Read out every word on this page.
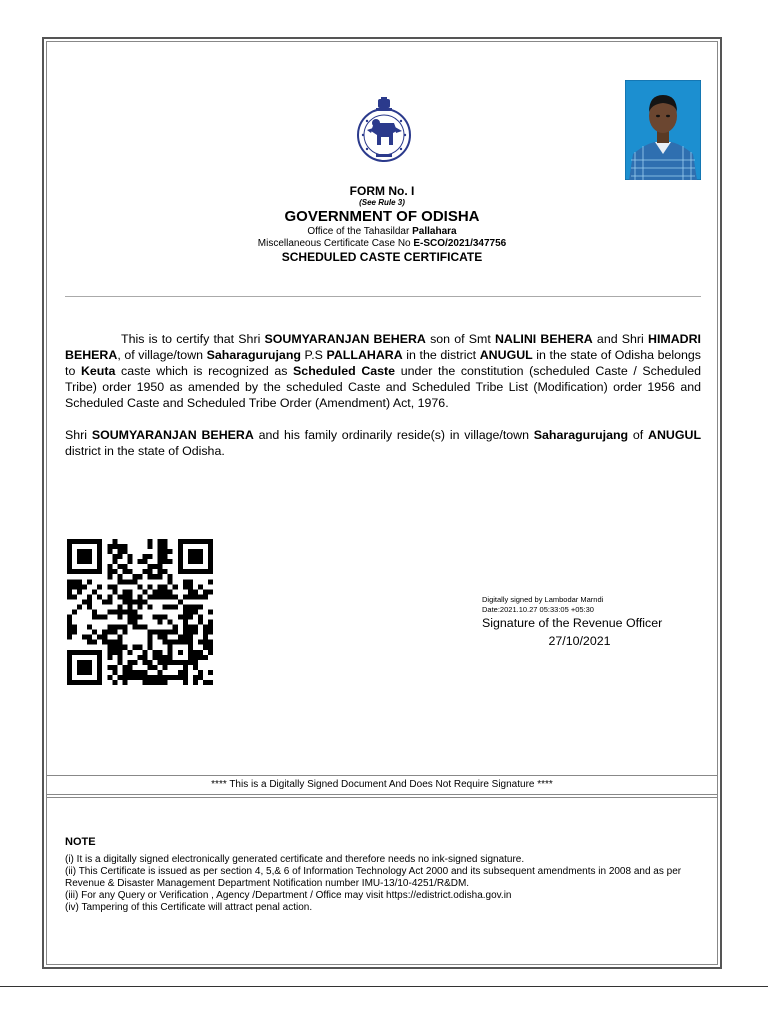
FORM No. I
(See Rule 3)
GOVERNMENT OF ODISHA
Office of the Tahasildar Pallahara
Miscellaneous Certificate Case No E-SCO/2021/347756
SCHEDULED CASTE CERTIFICATE

This is to certify that Shri SOUMYARANJAN BEHERA son of Smt NALINI BEHERA and Shri HIMADRI BEHERA, of village/town Saharagurujang P.S PALLAHARA in the district ANUGUL in the state of Odisha belongs to Keuta caste which is recognized as Scheduled Caste under the constitution (scheduled Caste / Scheduled Tribe) order 1950 as amended by the scheduled Caste and Scheduled Tribe List (Modification) order 1956 and Scheduled Caste and Scheduled Tribe Order (Amendment) Act, 1976.

Shri SOUMYARANJAN BEHERA and his family ordinarily reside(s) in village/town Saharagurujang of ANUGUL district in the state of Odisha.

Digitally signed by Lambodar Marndi
Date:2021.10.27 05:33:05 +05:30
Signature of the Revenue Officer
27/10/2021
**** This is a Digitally Signed Document And Does Not Require Signature ****
NOTE
(i) It is a digitally signed electronically generated certificate and therefore needs no ink-signed signature.
(ii) This Certificate is issued as per section 4, 5,& 6 of Information Technology Act 2000 and its subsequent amendments in 2008 and as per Revenue & Disaster Management Department Notification number IMU-13/10-4251/R&DM.
(iii) For any Query or Verification , Agency /Department / Office may visit https://edistrict.odisha.gov.in
(iv) Tampering of this Certificate will attract penal action.
